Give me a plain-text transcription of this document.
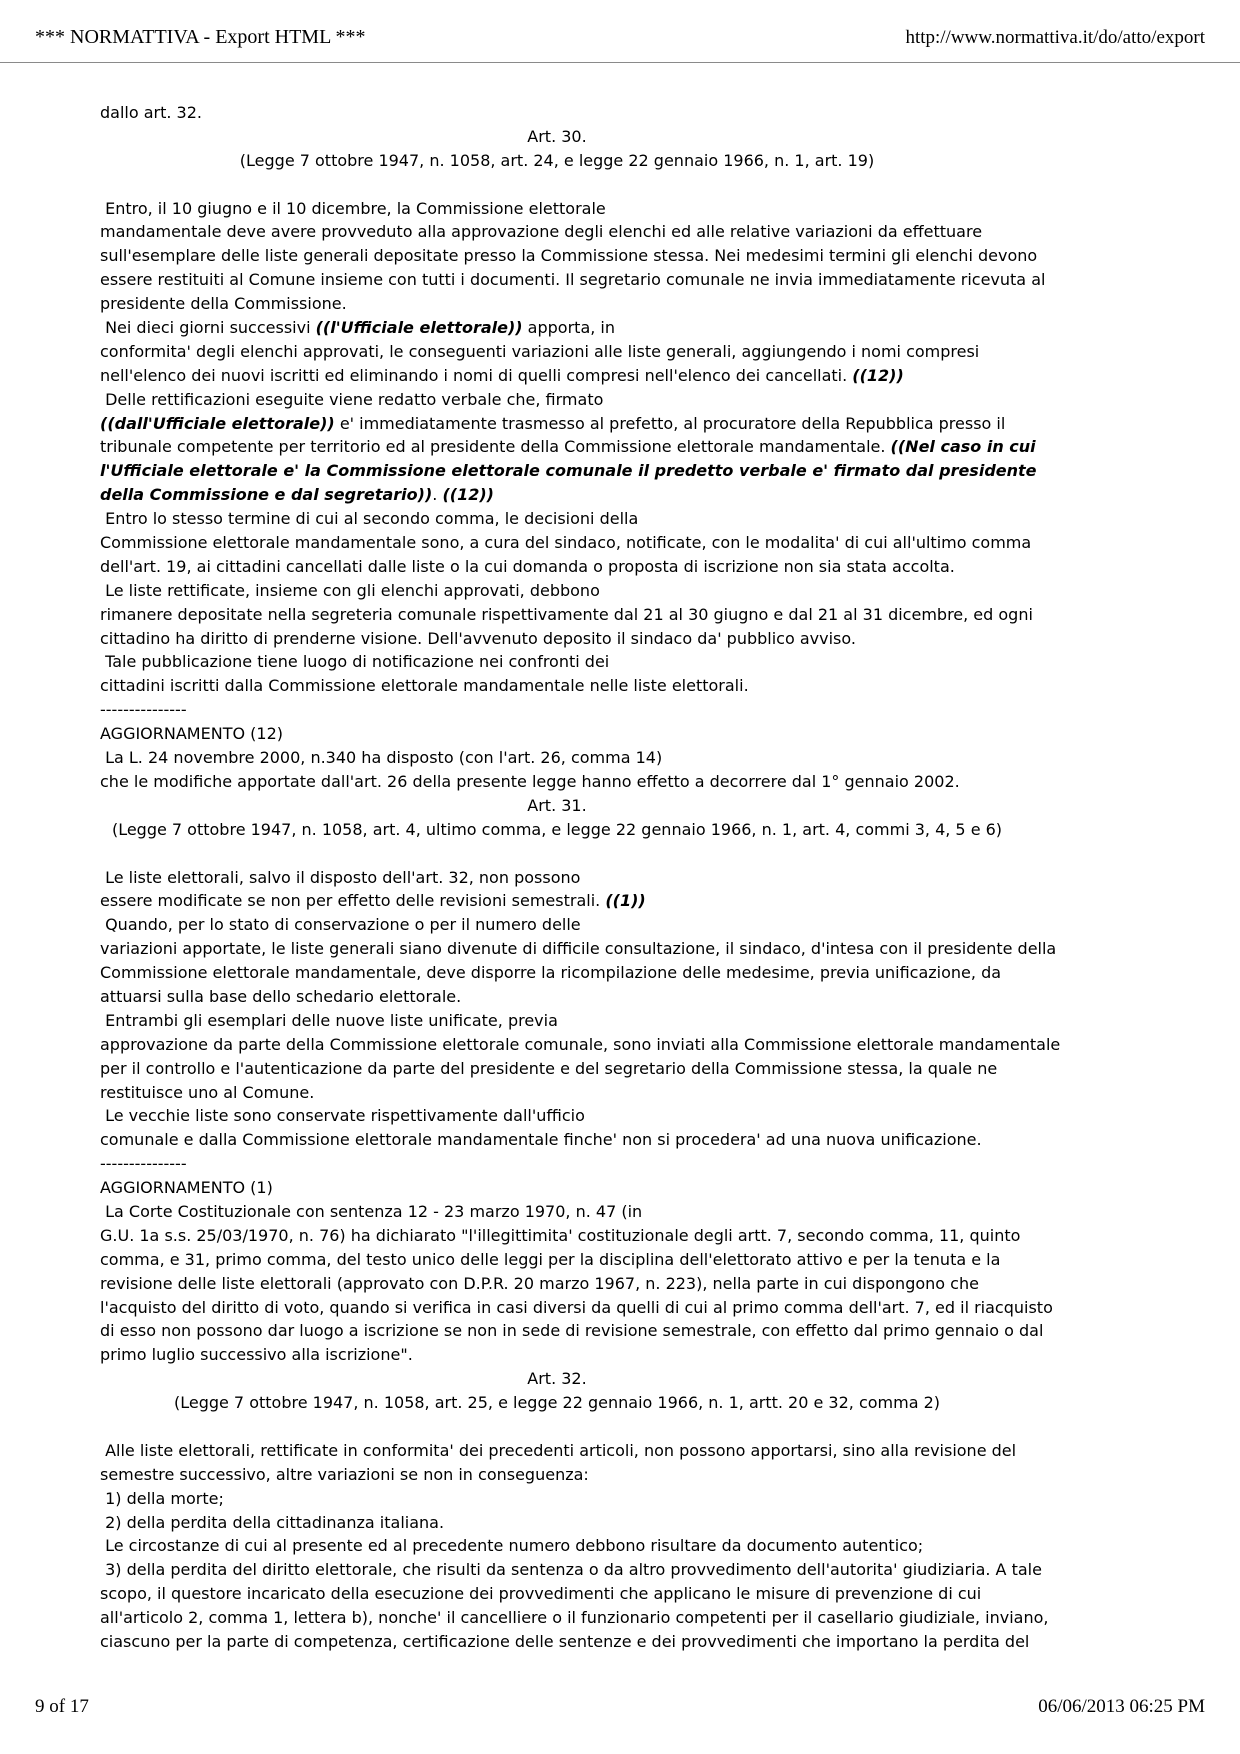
*** NORMATTIVA - Export HTML ***	http://www.normattiva.it/do/atto/export
dallo art. 32.
Art. 30.
(Legge 7 ottobre 1947, n. 1058, art. 24, e legge 22 gennaio 1966, n. 1, art. 19)

Entro, il 10 giugno e il 10 dicembre, la Commissione elettorale
mandamentale deve avere provveduto alla approvazione degli elenchi ed alle relative variazioni da effettuare
sull'esemplare delle liste generali depositate presso la Commissione stessa. Nei medesimi termini gli elenchi devono
essere restituiti al Comune insieme con tutti i documenti. Il segretario comunale ne invia immediatamente ricevuta al
presidente della Commissione.
Nei dieci giorni successivi ((l'Ufficiale elettorale)) apporta, in
conformita' degli elenchi approvati, le conseguenti variazioni alle liste generali, aggiungendo i nomi compresi
nell'elenco dei nuovi iscritti ed eliminando i nomi di quelli compresi nell'elenco dei cancellati. ((12))
Delle rettificazioni eseguite viene redatto verbale che, firmato
((dall'Ufficiale elettorale)) e' immediatamente trasmesso al prefetto, al procuratore della Repubblica presso il
tribunale competente per territorio ed al presidente della Commissione elettorale mandamentale. ((Nel caso in cui
l'Ufficiale elettorale e' la Commissione elettorale comunale il predetto verbale e' firmato dal presidente
della Commissione e dal segretario)). ((12))
Entro lo stesso termine di cui al secondo comma, le decisioni della
Commissione elettorale mandamentale sono, a cura del sindaco, notificate, con le modalita' di cui all'ultimo comma
dell'art. 19, ai cittadini cancellati dalle liste o la cui domanda o proposta di iscrizione non sia stata accolta.
Le liste rettificate, insieme con gli elenchi approvati, debbono
rimanere depositate nella segreteria comunale rispettivamente dal 21 al 30 giugno e dal 21 al 31 dicembre, ed ogni
cittadino ha diritto di prenderne visione. Dell'avvenuto deposito il sindaco da' pubblico avviso.
Tale pubblicazione tiene luogo di notificazione nei confronti dei
cittadini iscritti dalla Commissione elettorale mandamentale nelle liste elettorali.
---------------
AGGIORNAMENTO (12)
La L. 24 novembre 2000, n.340 ha disposto (con l'art. 26, comma 14)
che le modifiche apportate dall'art. 26 della presente legge hanno effetto a decorrere dal 1° gennaio 2002.
Art. 31.
(Legge 7 ottobre 1947, n. 1058, art. 4, ultimo comma, e legge 22 gennaio 1966, n. 1, art. 4, commi 3, 4, 5 e 6)

Le liste elettorali, salvo il disposto dell'art. 32, non possono
essere modificate se non per effetto delle revisioni semestrali. ((1))
Quando, per lo stato di conservazione o per il numero delle
variazioni apportate, le liste generali siano divenute di difficile consultazione, il sindaco, d'intesa con il presidente della
Commissione elettorale mandamentale, deve disporre la ricompilazione delle medesime, previa unificazione, da
attuarsi sulla base dello schedario elettorale.
Entrambi gli esemplari delle nuove liste unificate, previa
approvazione da parte della Commissione elettorale comunale, sono inviati alla Commissione elettorale mandamentale
per il controllo e l'autenticazione da parte del presidente e del segretario della Commissione stessa, la quale ne
restituisce uno al Comune.
Le vecchie liste sono conservate rispettivamente dall'ufficio
comunale e dalla Commissione elettorale mandamentale finche' non si procedera' ad una nuova unificazione.
---------------
AGGIORNAMENTO (1)
La Corte Costituzionale con sentenza 12 - 23 marzo 1970, n. 47 (in
G.U. 1a s.s. 25/03/1970, n. 76) ha dichiarato "l'illegittimita' costituzionale degli artt. 7, secondo comma, 11, quinto
comma, e 31, primo comma, del testo unico delle leggi per la disciplina dell'elettorato attivo e per la tenuta e la
revisione delle liste elettorali (approvato con D.P.R. 20 marzo 1967, n. 223), nella parte in cui dispongono che
l'acquisto del diritto di voto, quando si verifica in casi diversi da quelli di cui al primo comma dell'art. 7, ed il riacquisto
di esso non possono dar luogo a iscrizione se non in sede di revisione semestrale, con effetto dal primo gennaio o dal
primo luglio successivo alla iscrizione".
Art. 32.
(Legge 7 ottobre 1947, n. 1058, art. 25, e legge 22 gennaio 1966, n. 1, artt. 20 e 32, comma 2)

Alle liste elettorali, rettificate in conformita' dei precedenti articoli, non possono apportarsi, sino alla revisione del
semestre successivo, altre variazioni se non in conseguenza:
1) della morte;
2) della perdita della cittadinanza italiana.
Le circostanze di cui al presente ed al precedente numero debbono risultare da documento autentico;
3) della perdita del diritto elettorale, che risulti da sentenza o da altro provvedimento dell'autorita' giudiziaria. A tale
scopo, il questore incaricato della esecuzione dei provvedimenti che applicano le misure di prevenzione di cui
all'articolo 2, comma 1, lettera b), nonche' il cancelliere o il funzionario competenti per il casellario giudiziale, inviano,
ciascuno per la parte di competenza, certificazione delle sentenze e dei provvedimenti che importano la perdita del
9 of 17	06/06/2013 06:25 PM
